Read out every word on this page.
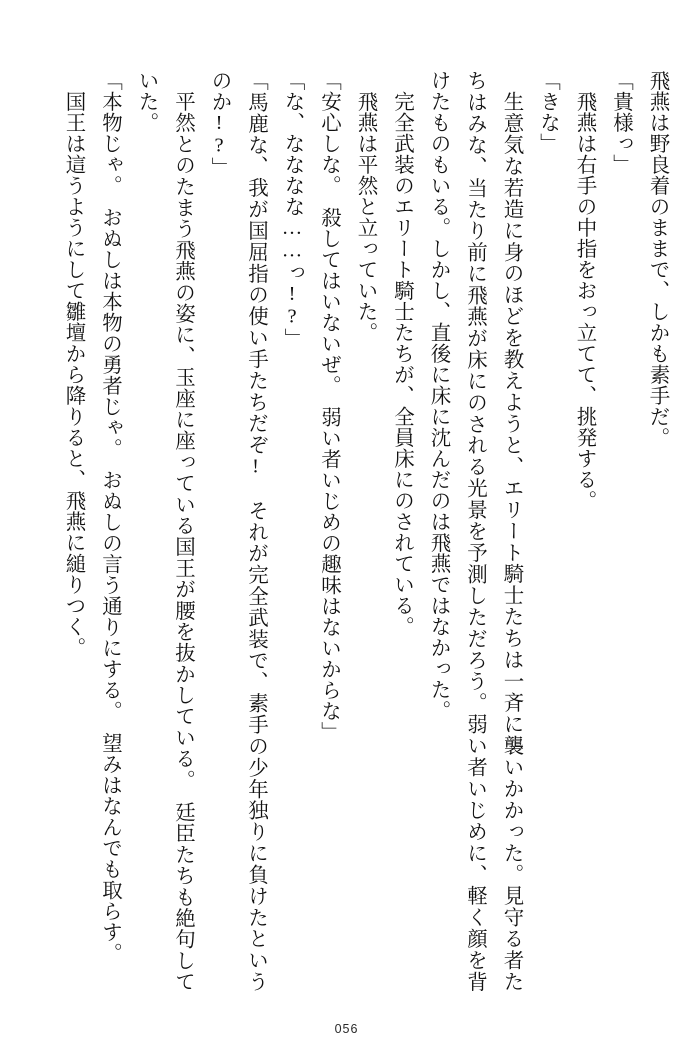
飛燕は野良着のままで、しかも素手だ。

「貴様っ」

飛燕は右手の中指をおっ立てて、挑発する。

「きな」

生意気な若造に身のほどを教えようと、エリート騎士たちは一斉に襲いかかった。見守る者たちはみな、当たり前に飛燕が床にのされる光景を予測しただろう。弱い者いじめに、軽く顔を背けたものもいる。しかし、直後に床に沈んだのは飛燕ではなかった。

完全武装のエリート騎士たちが、全員床にのされている。

飛燕は平然と立っていた。

「安心しな。　殺してはいないぜ。　弱い者いじめの趣味はないからな」

「な、なななな……っ!?」

「馬鹿な、我が国屈指の使い手たちだぞ!　それが完全武装で、素手の少年独りに負けたというのか!?」

平然とのたまう飛燕の姿に、玉座に座っている国王が腰を抜かしている。　廷臣たちも絶句していた。

「本物じゃ。　おぬしは本物の勇者じゃ。　おぬしの言う通りにする。　望みはなんでも取らす。

国王は這うようにして雛壇から降りると、飛燕に縋りつく。

056
